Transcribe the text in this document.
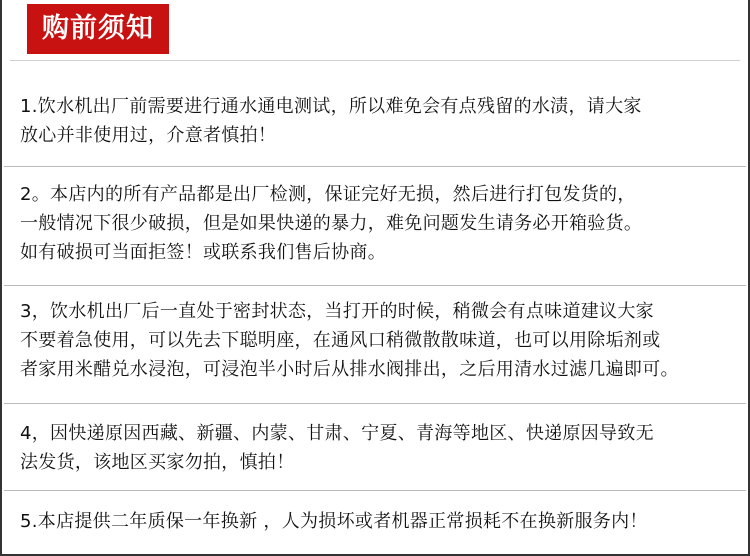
购前须知
1.饮水机出厂前需要进行通水通电测试，所以难免会有点残留的水渍，请大家
放心并非使用过，介意者慎拍！
2。本店内的所有产品都是出厂检测，保证完好无损，然后进行打包发货的，
一般情况下很少破损，但是如果快递的暴力，难免问题发生请务必开箱验货。
如有破损可当面拒签！或联系我们售后协商。
3，饮水机出厂后一直处于密封状态，当打开的时候，稍微会有点味道建议大家
不要着急使用，可以先去下聪明座，在通风口稍微散散味道，也可以用除垢剂或
者家用米醋兑水浸泡，可浸泡半小时后从排水阀排出，之后用清水过滤几遍即可。
4，因快递原因西藏、新疆、内蒙、甘肃、宁夏、青海等地区、快递原因导致无
法发货，该地区买家勿拍，慎拍！
5.本店提供二年质保一年换新 ，人为损坏或者机器正常损耗不在换新服务内！
